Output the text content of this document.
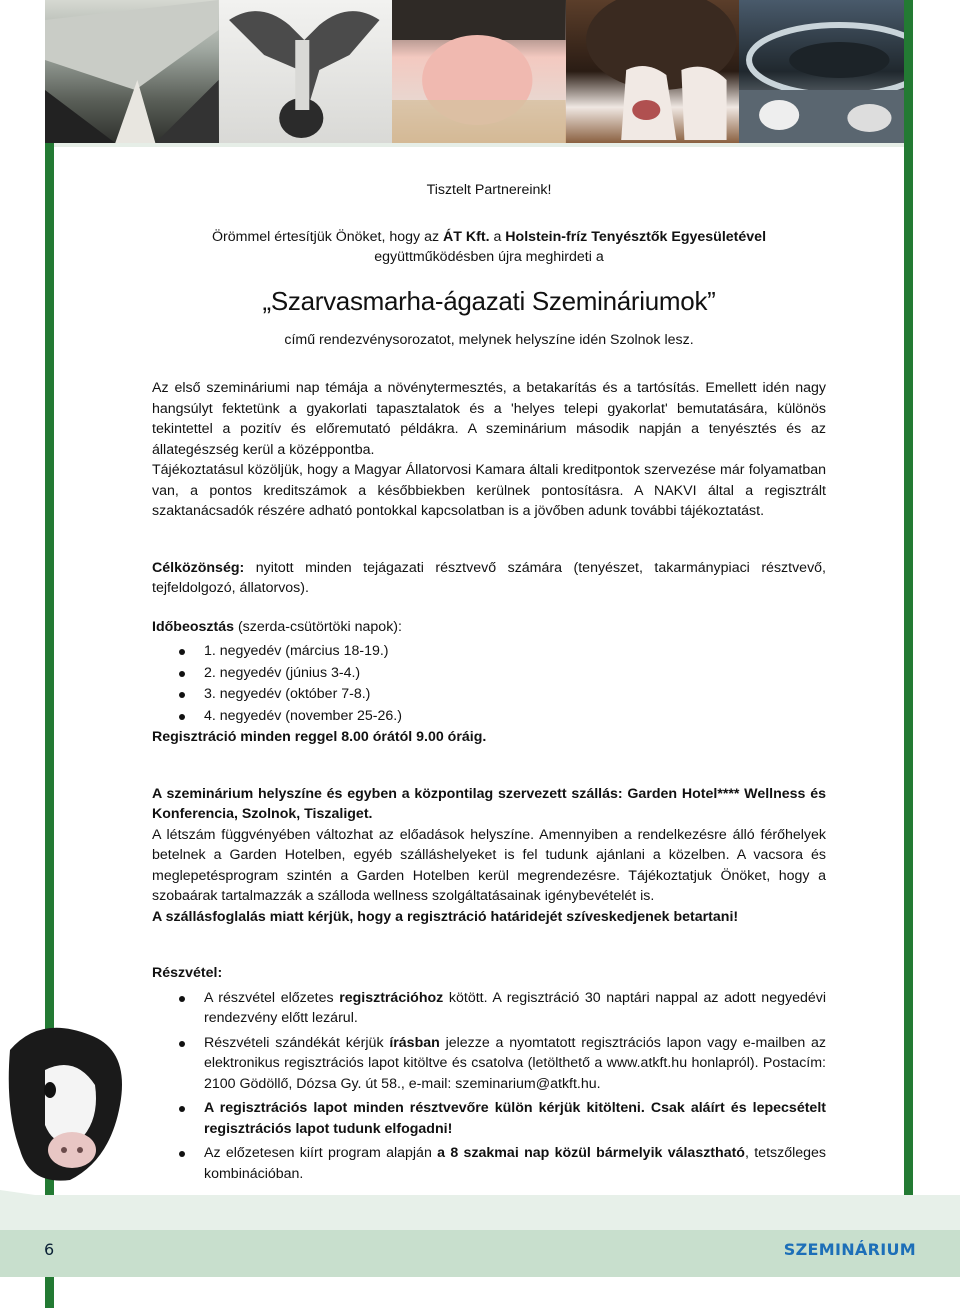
Tisztelt Partnereink!

Örömmel értesítjük Önöket, hogy az ÁT Kft. a Holstein-fríz Tenyésztők Egyesületével

együttműködésben újra meghirdeti a

„Szarvasmarha-ágazati Szemináriumok”

című rendezvénysorozatot, melynek helyszíne idén Szolnok lesz.

Az első szemináriumi nap témája a növénytermesztés, a betakarítás és a tartósítás. Emellett idén nagy hangsúlyt fektetünk a gyakorlati tapasztalatok és a 'helyes telepi gyakorlat' bemutatására, különös tekintettel a pozitív és előremutató példákra. A szeminárium második napján a tenyésztés és az állategészség kerül a középpontba.

Tájékoztatásul közöljük, hogy a Magyar Állatorvosi Kamara általi kreditpontok szervezése már folyamatban van, a pontos kreditszámok a későbbiekben kerülnek pontosításra. A NAKVI által a regisztrált szaktanácsadók részére adható pontokkal kapcsolatban is a jövőben adunk további tájékoztatást.

Célközönség: nyitott minden tejágazati résztvevő számára (tenyészet, takarmánypiaci résztvevő, tejfeldolgozó, állatorvos).

Időbeosztás (szerda-csütörtöki napok):

1. negyedév (március 18-19.)
2. negyedév (június 3-4.)
3. negyedév (október 7-8.)
4. negyedév (november 25-26.)

Regisztráció minden reggel 8.00 órától 9.00 óráig.

A szeminárium helyszíne és egyben a központilag szervezett szállás: Garden Hotel**** Wellness és Konferencia, Szolnok, Tiszaliget.

A létszám függvényében változhat az előadások helyszíne. Amennyiben a rendelkezésre álló férőhelyek betelnek a Garden Hotelben, egyéb szálláshelyeket is fel tudunk ajánlani a közelben. A vacsora és meglepetésprogram szintén a Garden Hotelben kerül megrendezésre. Tájékoztatjuk Önöket, hogy a szobaárak tartalmazzák a szálloda wellness szolgáltatásainak igénybevételét is.

A szállásfoglalás miatt kérjük, hogy a regisztráció határidejét szíveskedjenek betartani!

Részvétel:

A részvétel előzetes regisztrációhoz kötött. A regisztráció 30 naptári nappal az adott negyedévi rendezvény előtt lezárul.
Részvételi szándékát kérjük írásban jelezze a nyomtatott regisztrációs lapon vagy e-mailben az elektronikus regisztrációs lapot kitöltve és csatolva (letölthető a www.atkft.hu honlapról). Postacím: 2100 Gödöllő, Dózsa Gy. út 58., e-mail: szeminarium@atkft.hu.
A regisztrációs lapot minden résztvevőre külön kérjük kitölteni. Csak aláírt és lepecsételt regisztrációs lapot tudunk elfogadni!
Az előzetesen kiírt program alapján a 8 szakmai nap közül bármelyik választható, tetszőleges kombinációban.
6	SZEMINÁRIUM
